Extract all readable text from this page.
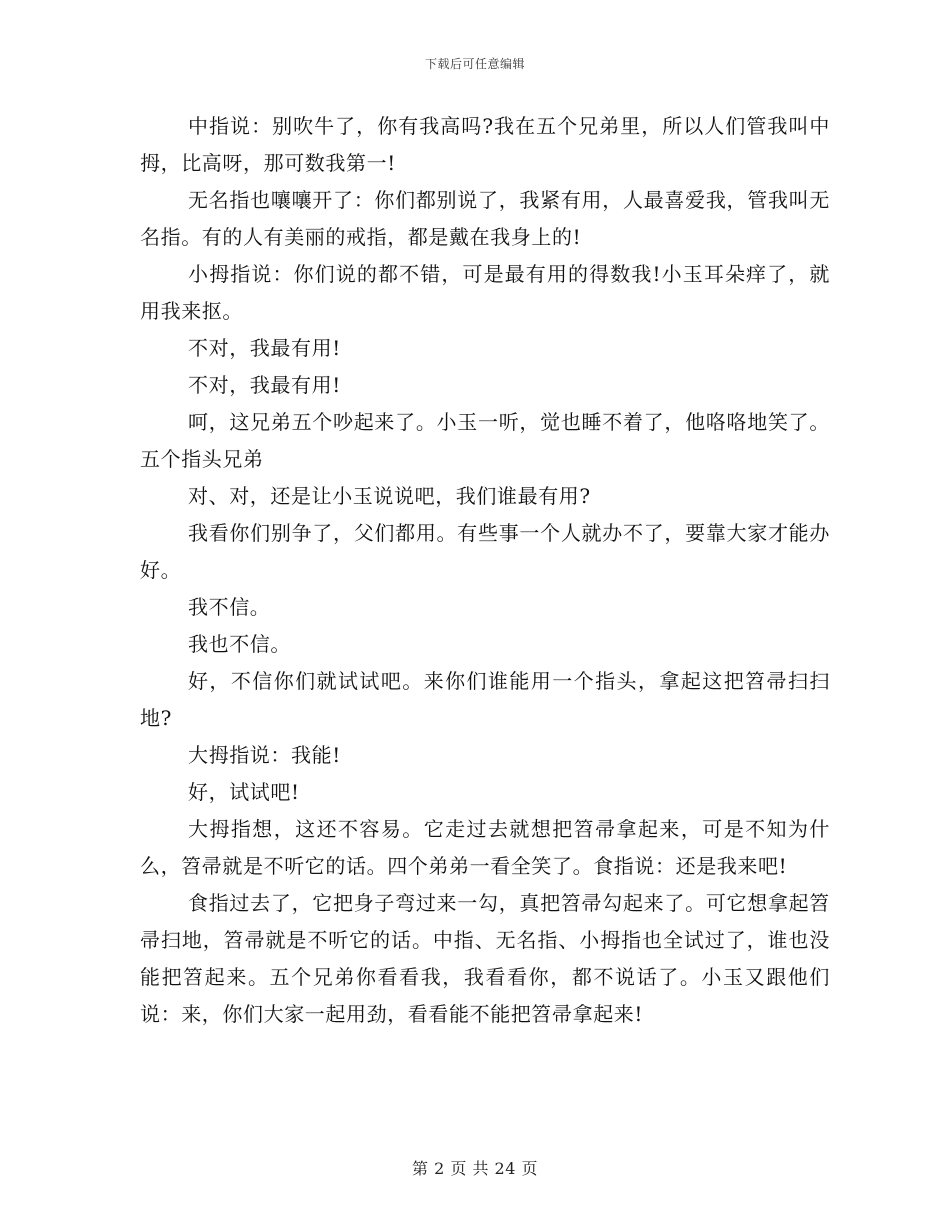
下载后可任意编辑

中指说：别吹牛了，你有我高吗?我在五个兄弟里，所以人们管我叫中拇，比高呀，那可数我第一!

无名指也嚷嚷开了：你们都别说了，我紧有用，人最喜爱我，管我叫无名指。有的人有美丽的戒指，都是戴在我身上的!

小拇指说：你们说的都不错，可是最有用的得数我!小玉耳朵痒了，就用我来抠。

不对，我最有用!

不对，我最有用!

呵，这兄弟五个吵起来了。小玉一听，觉也睡不着了，他咯咯地笑了。五个指头兄弟

对、对，还是让小玉说说吧，我们谁最有用?

我看你们别争了，父们都用。有些事一个人就办不了，要靠大家才能办好。

我不信。

我也不信。

好，不信你们就试试吧。来你们谁能用一个指头，拿起这把笤帚扫扫地?

大拇指说：我能!

好，试试吧!

大拇指想，这还不容易。它走过去就想把笤帚拿起来，可是不知为什么，笤帚就是不听它的话。四个弟弟一看全笑了。食指说：还是我来吧!

食指过去了，它把身子弯过来一勾，真把笤帚勾起来了。可它想拿起笤帚扫地，笤帚就是不听它的话。中指、无名指、小拇指也全试过了，谁也没能把笤起来。五个兄弟你看看我，我看看你，都不说话了。小玉又跟他们说：来，你们大家一起用劲，看看能不能把笤帚拿起来!

第 2 页 共 24 页
